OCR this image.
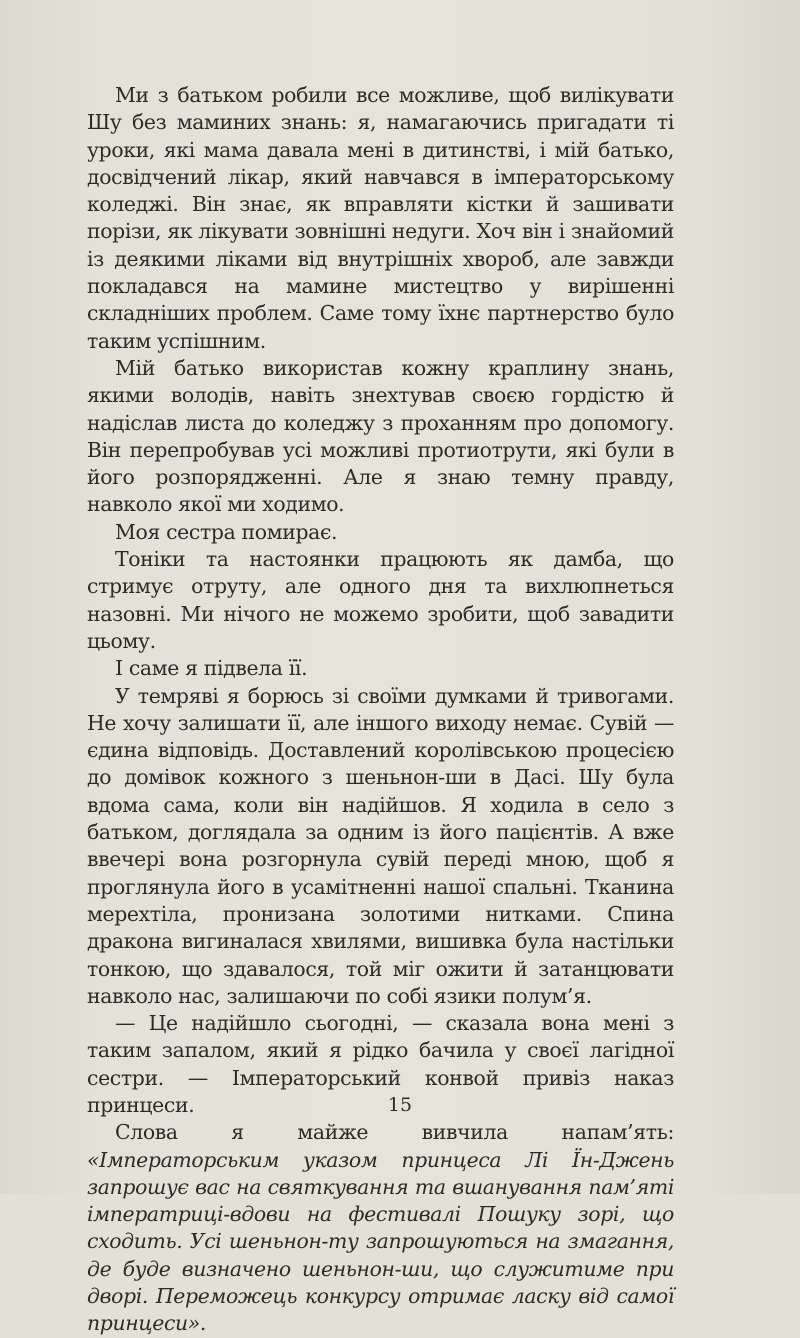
Ми з батьком робили все можливе, щоб вилікувати Шу без маминих знань: я, намагаючись пригадати ті уроки, які мама давала мені в дитинстві, і мій батько, досвідчений лікар, який навчався в імператорському коледжі. Він знає, як вправляти кістки й зашивати порізи, як лікувати зовнішні недуги. Хоч він і знайомий із деякими ліками від внутрішніх хвороб, але завжди покладався на мамине мистецтво у вирішенні складніших проблем. Саме тому їхнє партнерство було таким успішним.

Мій батько використав кожну краплину знань, якими володів, навіть знехтував своєю гордістю й надіслав листа до коледжу з проханням про допомогу. Він перепробував усі можливі протиотрути, які були в його розпорядженні. Але я знаю темну правду, навколо якої ми ходимо.

Моя сестра помирає.

Тоніки та настоянки працюють як дамба, що стримує отруту, але одного дня та вихлюпнеться назовні. Ми нічого не можемо зробити, щоб завадити цьому.

І саме я підвела її.

У темряві я борюсь зі своїми думками й тривогами. Не хочу залишати її, але іншого виходу немає. Сувій — єдина відповідь. Доставлений королівською процесією до домівок кожного з шеньнон-ши в Дасі. Шу була вдома сама, коли він надійшов. Я ходила в село з батьком, доглядала за одним із його пацієнтів. А вже ввечері вона розгорнула сувій переді мною, щоб я проглянула його в усамітненні нашої спальні. Тканина мерехтіла, пронизана золотими нитками. Спина дракона вигиналася хвилями, вишивка була настільки тонкою, що здавалося, той міг ожити й затанцювати навколо нас, залишаючи по собі язики полум’я.

— Це надійшло сьогодні, — сказала вона мені з таким запалом, який я рідко бачила у своєї лагідної сестри. — Імператорський конвой привіз наказ принцеси.

Слова я майже вивчила напам’ять: «Імператорським указом принцеса Лі Їн-Джень запрошує вас на святкування та вшанування пам’яті імператриці-вдови на фестивалі Пошуку зорі, що сходить. Усі шеньнон-ту запрошуються на змагання, де буде визначено шеньнон-ши, що служитиме при дворі. Переможець конкурсу отримає ласку від самої принцеси».

15
